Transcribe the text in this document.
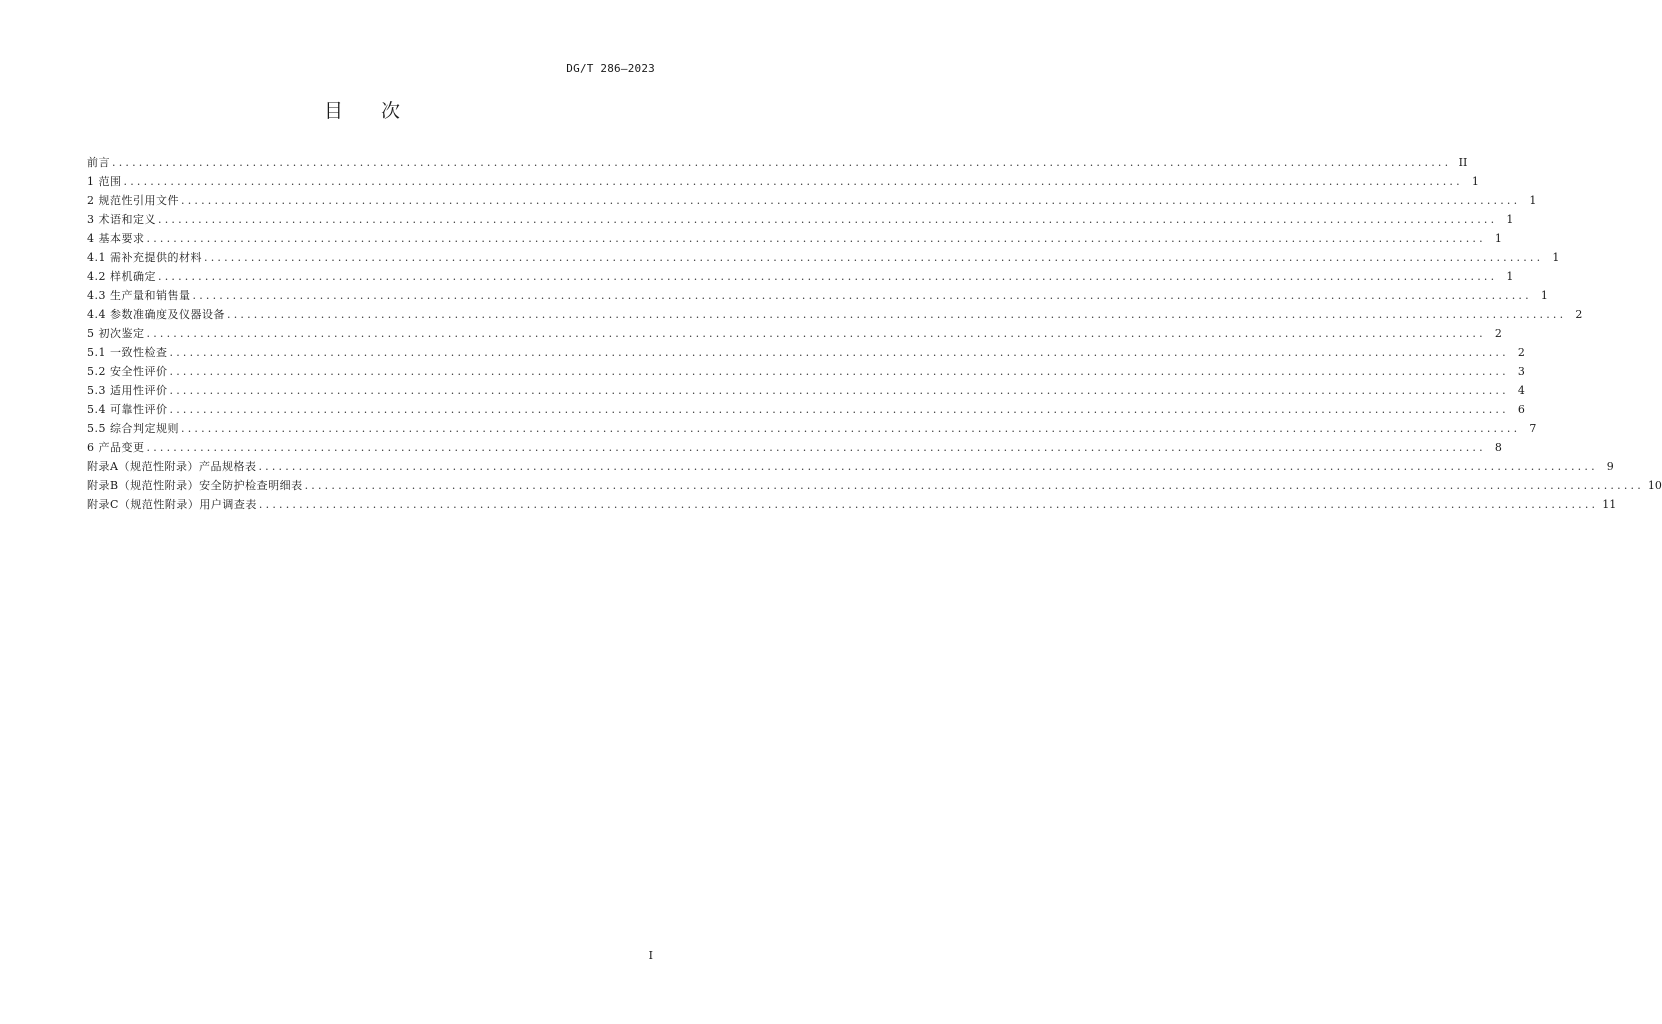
DG/T 286—2023
目次
前言 ........................................................................................................................................................................................................ II
1 范围 ........................................................................................................................................................................................................ 1
2 规范性引用文件 ........................................................................................................................................................................................................ 1
3 术语和定义 ........................................................................................................................................................................................................ 1
4 基本要求 ........................................................................................................................................................................................................ 1
4.1 需补充提供的材料 ........................................................................................................................................................................................................ 1
4.2 样机确定 ........................................................................................................................................................................................................ 1
4.3 生产量和销售量 ........................................................................................................................................................................................................ 1
4.4 参数准确度及仪器设备 ........................................................................................................................................................................................................ 2
5 初次鉴定 ........................................................................................................................................................................................................ 2
5.1 一致性检查 ........................................................................................................................................................................................................ 2
5.2 安全性评价 ........................................................................................................................................................................................................ 3
5.3 适用性评价 ........................................................................................................................................................................................................ 4
5.4 可靠性评价 ........................................................................................................................................................................................................ 6
5.5 综合判定规则 ........................................................................................................................................................................................................ 7
6 产品变更 ........................................................................................................................................................................................................ 8
附录A（规范性附录）产品规格表 ........................................................................................................................................................................................................ 9
附录B（规范性附录）安全防护检查明细表 ........................................................................................................................................................................................................ 10
附录C（规范性附录）用户调查表 ........................................................................................................................................................................................................ 11
I
